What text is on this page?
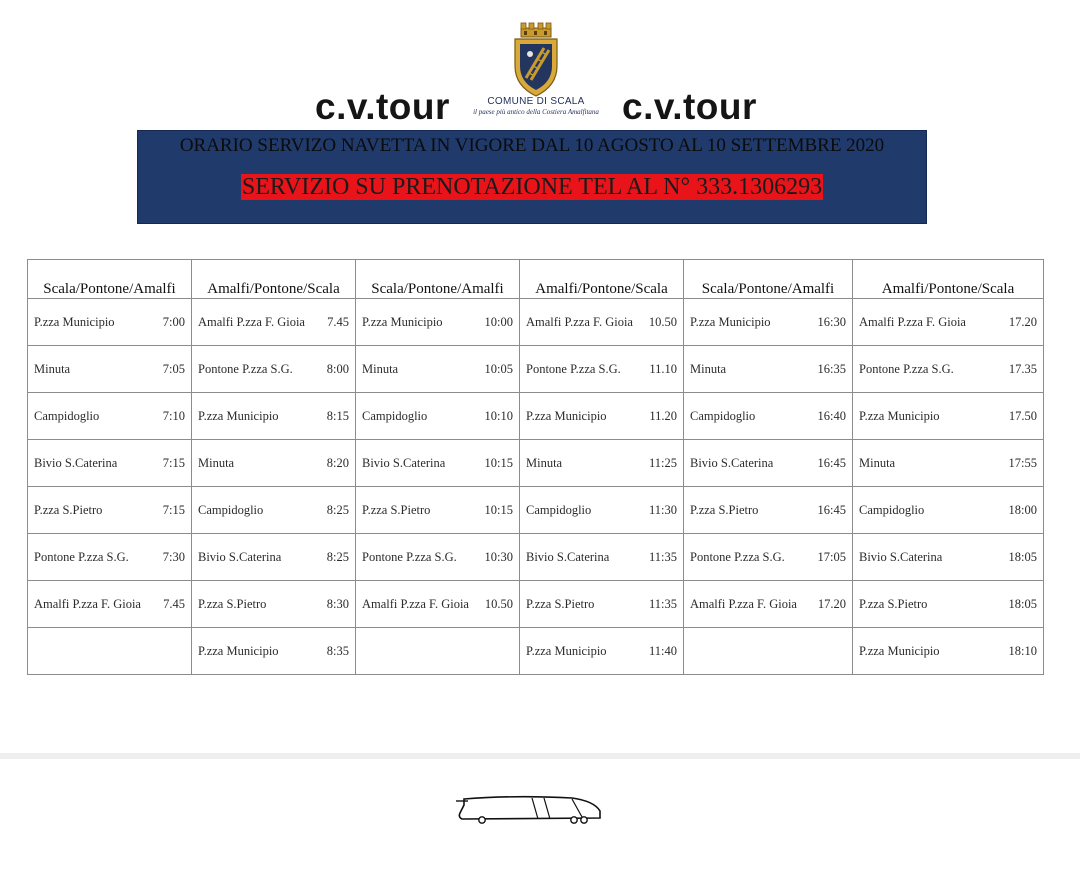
c.v.tour	c.v.tour
COMUNE DI SCALA
il paese più antico della Costiera Amalfitana
ORARIO SERVIZO NAVETTA IN VIGORE DAL 10 AGOSTO AL 10 SETTEMBRE 2020
SERVIZIO SU PRENOTAZIONE TEL AL N° 333.1306293
Scala/Pontone/Amalfi	Amalfi/Pontone/Scala	Scala/Pontone/Amalfi	Amalfi/Pontone/Scala	Scala/Pontone/Amalfi	Amalfi/Pontone/Scala

P.zza Municipio 7:00	Amalfi P.zza F. Gioia 7.45	P.zza Municipio 10:00	Amalfi P.zza F. Gioia 10.50	P.zza Municipio 16:30	Amalfi P.zza F. Gioia 17.20

Minuta 7:05	Pontone P.zza S.G. 8:00	Minuta 10:05	Pontone P.zza S.G. 11.10	Minuta 16:35	Pontone P.zza S.G. 17.35

Campidoglio 7:10	P.zza Municipio 8:15	Campidoglio 10:10	P.zza Municipio 11.20	Campidoglio 16:40	P.zza Municipio 17.50

Bivio S.Caterina 7:15	Minuta 8:20	Bivio S.Caterina 10:15	Minuta 11:25	Bivio S.Caterina 16:45	Minuta 17:55

P.zza S.Pietro 7:15	Campidoglio 8:25	P.zza S.Pietro 10:15	Campidoglio 11:30	P.zza S.Pietro 16:45	Campidoglio 18:00

Pontone P.zza S.G. 7:30	Bivio S.Caterina 8:25	Pontone P.zza S.G. 10:30	Bivio S.Caterina 11:35	Pontone P.zza S.G. 17:05	Bivio S.Caterina 18:05

Amalfi P.zza F. Gioia 7.45	P.zza S.Pietro 8:30	Amalfi P.zza F. Gioia 10.50	P.zza S.Pietro 11:35	Amalfi P.zza F. Gioia 17.20	P.zza S.Pietro 18:05

	P.zza Municipio 8:35		P.zza Municipio 11:40		P.zza Municipio 18:10
